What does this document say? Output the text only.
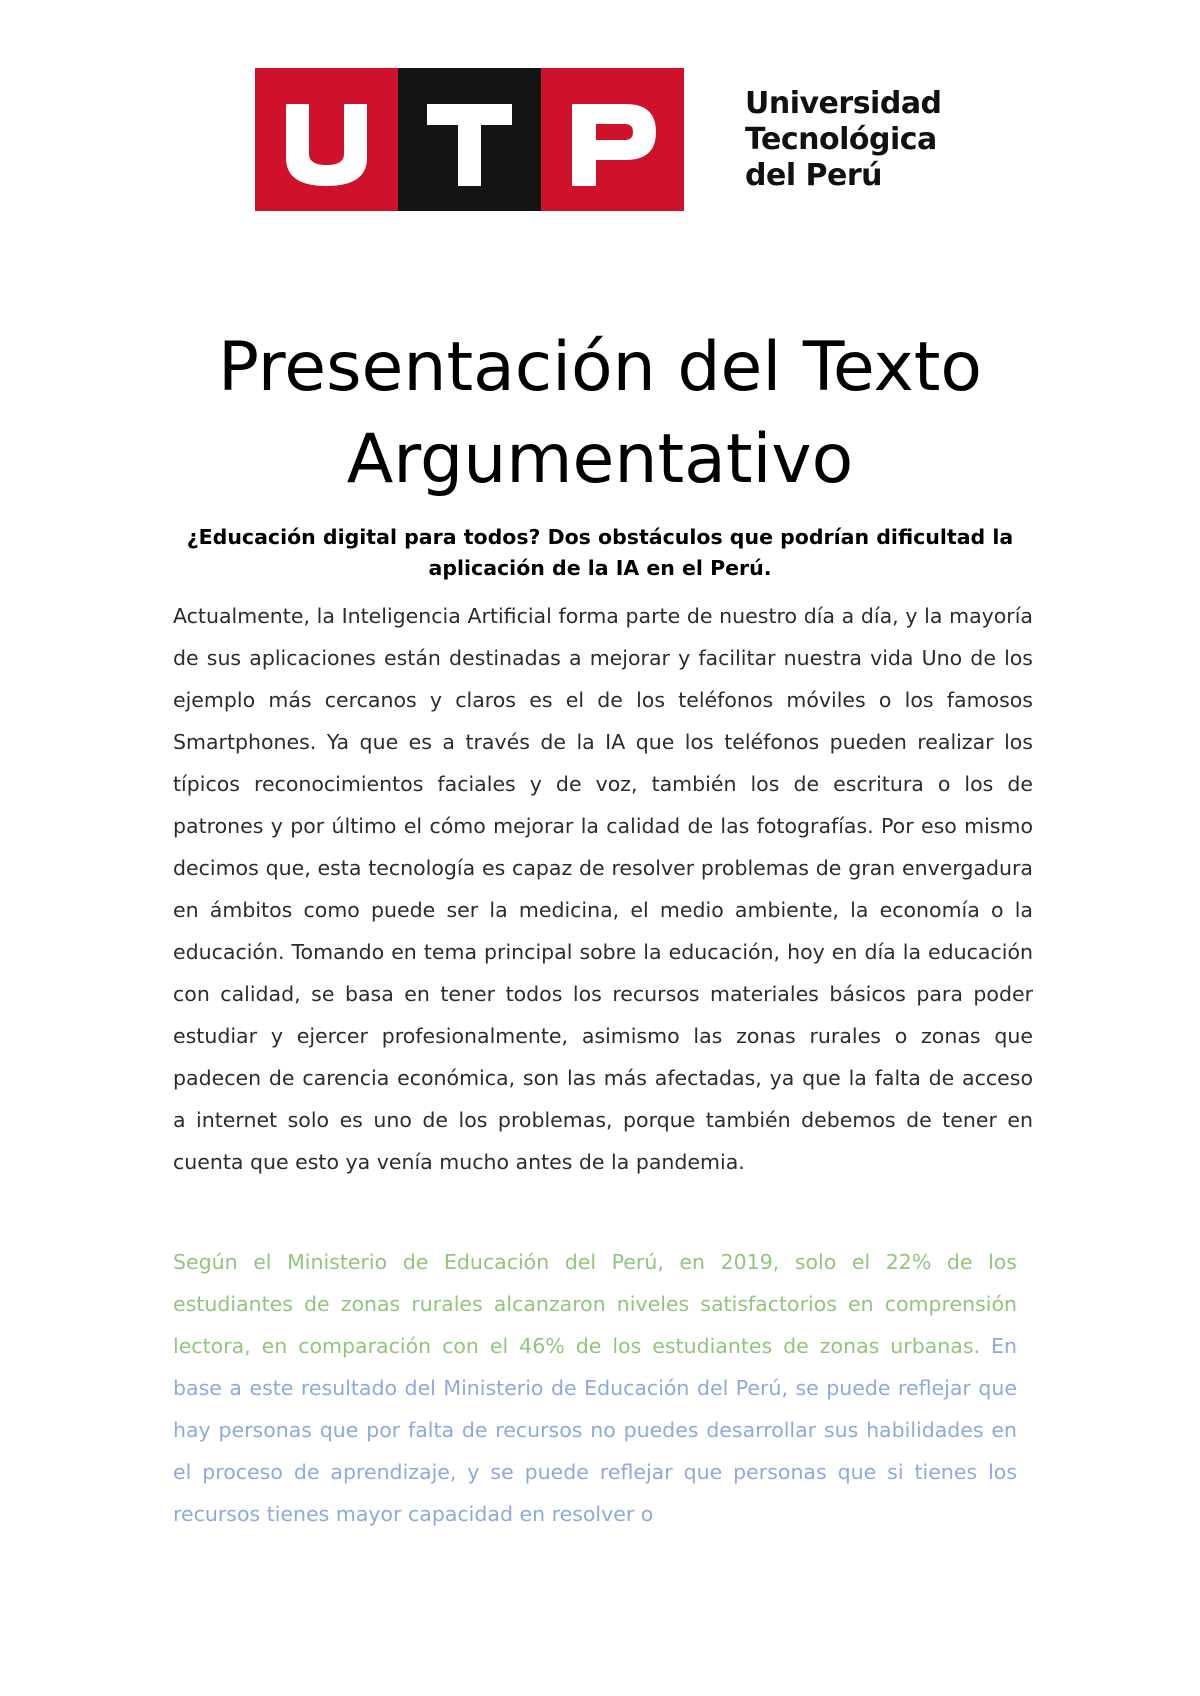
Universidad
Tecnológica
del Perú
Presentación del Texto
Argumentativo

¿Educación digital para todos? Dos obstáculos que podrían dificultad la aplicación de la IA en el Perú.

Actualmente, la Inteligencia Artificial forma parte de nuestro día a día, y la mayoría de sus aplicaciones están destinadas a mejorar y facilitar nuestra vida Uno de los ejemplo más cercanos y claros es el de los teléfonos móviles o los famosos Smartphones. Ya que es a través de la IA que los teléfonos pueden realizar los típicos reconocimientos faciales y de voz, también los de escritura o los de patrones y por último el cómo mejorar la calidad de las fotografías. Por eso mismo decimos que, esta tecnología es capaz de resolver problemas de gran envergadura en ámbitos como puede ser la medicina, el medio ambiente, la economía o la educación. Tomando en tema principal sobre la educación, hoy en día la educación con calidad, se basa en tener todos los recursos materiales básicos para poder estudiar y ejercer profesionalmente, asimismo las zonas rurales o zonas que padecen de carencia económica, son las más afectadas, ya que la falta de acceso a internet solo es uno de los problemas, porque también debemos de tener en cuenta que esto ya venía mucho antes de la pandemia.

Según el Ministerio de Educación del Perú, en 2019, solo el 22% de los estudiantes de zonas rurales alcanzaron niveles satisfactorios en comprensión lectora, en comparación con el 46% de los estudiantes de zonas urbanas. En base a este resultado del Ministerio de Educación del Perú, se puede reflejar que hay personas que por falta de recursos no puedes desarrollar sus habilidades en el proceso de aprendizaje, y se puede reflejar que personas que si tienes los recursos tienes mayor capacidad en resolver o
